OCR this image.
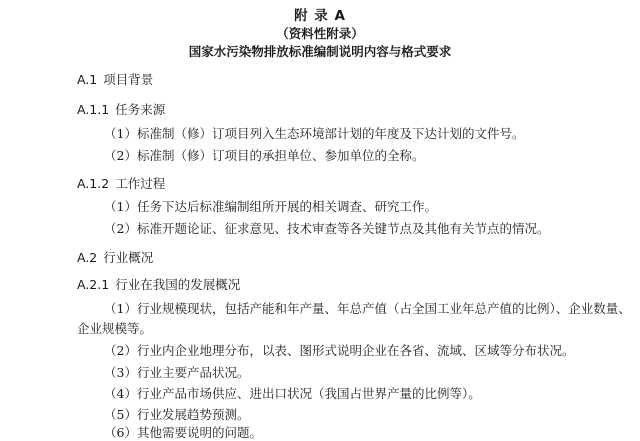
附 录 A
（资料性附录）
国家水污染物排放标准编制说明内容与格式要求
A.1 项目背景
A.1.1 任务来源
（1）标准制（修）订项目列入生态环境部计划的年度及下达计划的文件号。
（2）标准制（修）订项目的承担单位、参加单位的全称。
A.1.2 工作过程
（1）任务下达后标准编制组所开展的相关调查、研究工作。
（2）标准开题论证、征求意见、技术审查等各关键节点及其他有关节点的情况。
A.2 行业概况
A.2.1 行业在我国的发展概况
（1）行业规模现状，包括产能和年产量、年总产值（占全国工业年总产值的比例）、企业数量、
企业规模等。
（2）行业内企业地理分布，以表、图形式说明企业在各省、流域、区域等分布状况。
（3）行业主要产品状况。
（4）行业产品市场供应、进出口状况（我国占世界产量的比例等）。
（5）行业发展趋势预测。
（6）其他需要说明的问题。
